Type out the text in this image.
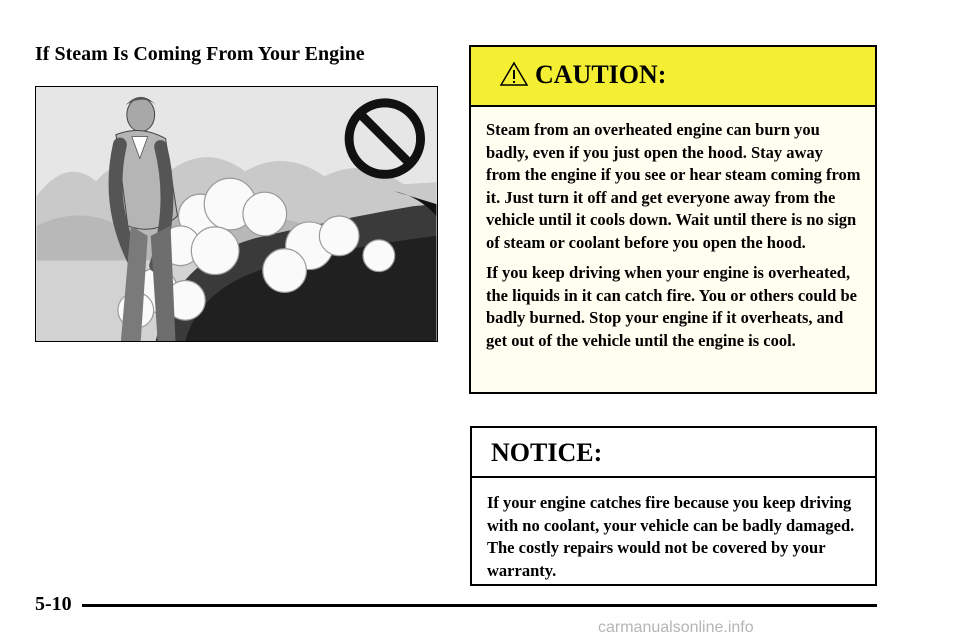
If Steam Is Coming From Your Engine
CAUTION:

Steam from an overheated engine can burn you badly, even if you just open the hood. Stay away from the engine if you see or hear steam coming from it. Just turn it off and get everyone away from the vehicle until it cools down. Wait until there is no sign of steam or coolant before you open the hood.

If you keep driving when your engine is overheated, the liquids in it can catch fire. You or others could be badly burned. Stop your engine if it overheats, and get out of the vehicle until the engine is cool.

NOTICE:

If your engine catches fire because you keep driving with no coolant, your vehicle can be badly damaged. The costly repairs would not be covered by your warranty.

5-10
carmanualsonline.info
